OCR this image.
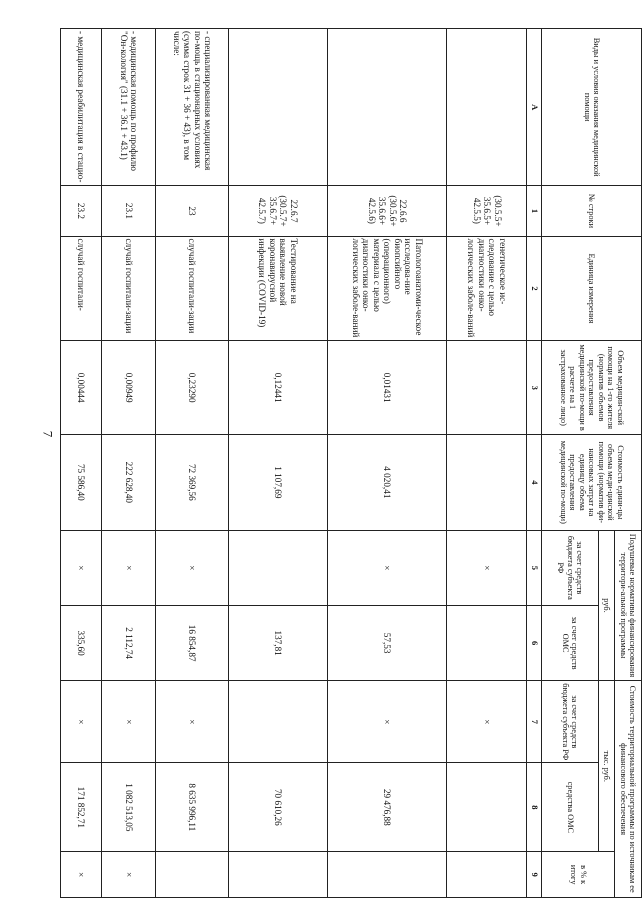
7
Виды и условия оказания медицинской помощи	№ строки	Единица измерения	Объем медицин-ской помощи на 1-го жителя (норматив объемов предоставления медицинской по-мощи в расчете на 1 застрахованное лицо)	Стоимость едини-цы объема меди-цинской помощи (норматив фи-нансовых затрат на единицу объема предоставления медицинской по-мощи)	Подушевые нормативы финансирования территори-альной программы		Стоимость территориальной программы по источникам ее финансового обеспечения		
					руб.		тыс. руб.		в % к итогу
					за счет средств бюджета субъекта РФ	за счет средств ОМС	за счет средств бюджета субъекта РФ	средства ОМС	
А	1	2	3	4	5	6	7	8	9
	(30.5.5+ 35.6.5+ 42.5.5)	генетическое ис-следование с целью диагностики онко-логических заболе-ваний			×		×		
	22.6.6 (30.5.6+ 35.6.6+ 42.5.6)	Патологоанатоми-ческое исследова-ние биопсийного (операционного) материала с целью диагностики онко-логических заболе-ваний	0,01431	4 020,41	×	57,53	×	29 476,88	
	22.6.7 (30.5.7+ 35.6.7+ 42.5.7)	Тестирование на выявление новой коронавирусной инфекции (COVID-19)	0,12441	1 107,69		137,81		70 610,26	
- специализированная медицинская по-мощь в стационарных условиях (сумма строк 31 + 36 + 43), в том числе:	23	случай госпитали-зации	0,23290	72 369,56	×	16 854,87	×	8 635 996,11	
- медицинская помощь по профилю "Он-кология" (31.1 + 36.1 + 43.1)	23.1	случай госпитали-зации	0,00949	222 628,40	×	2 112,74	×	1 082 513,05	×
- медицинская реабилитация в стацио-	23.2	случай госпитали-	0,00444	75 586,40	×	335,60	×	171 852,71	×
